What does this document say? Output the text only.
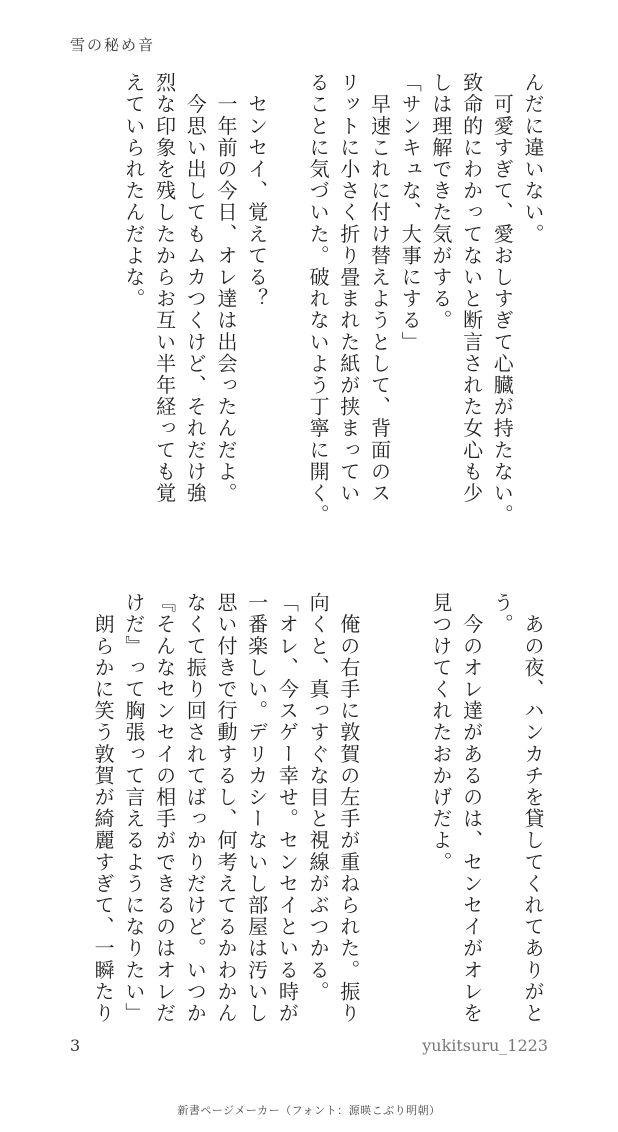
雪の秘め音
んだに違いない。
　可愛すぎて、愛おしすぎて心臓が持たない。
致命的にわかってないと断言された女心も少
しは理解できた気がする。
「サンキュな、大事にする」
　早速これに付け替えようとして、背面のス
リットに小さく折り畳まれた紙が挟まってい
ることに気づいた。破れないよう丁寧に開く。

　センセイ、覚えてる？
　一年前の今日、オレ達は出会ったんだよ。
　今思い出してもムカつくけど、それだけ強
烈な印象を残したからお互い半年経っても覚
えていられたんだよな。
　あの夜、ハンカチを貸してくれてありがと
う。
　今のオレ達があるのは、センセイがオレを
見つけてくれたおかげだよ。

　俺の右手に敦賀の左手が重ねられた。振り
向くと、真っすぐな目と視線がぶつかる。
「オレ、今スゲー幸せ。センセイといる時が
一番楽しい。デリカシーないし部屋は汚いし
思い付きで行動するし、何考えてるかわかん
なくて振り回されてばっかりだけど。いつか
『そんなセンセイの相手ができるのはオレだ
けだ』って胸張って言えるようになりたい」
　朗らかに笑う敦賀が綺麗すぎて、一瞬たり
3	yukitsuru_1223
新書ページメーカー（フォント：源暎こぶり明朝）
